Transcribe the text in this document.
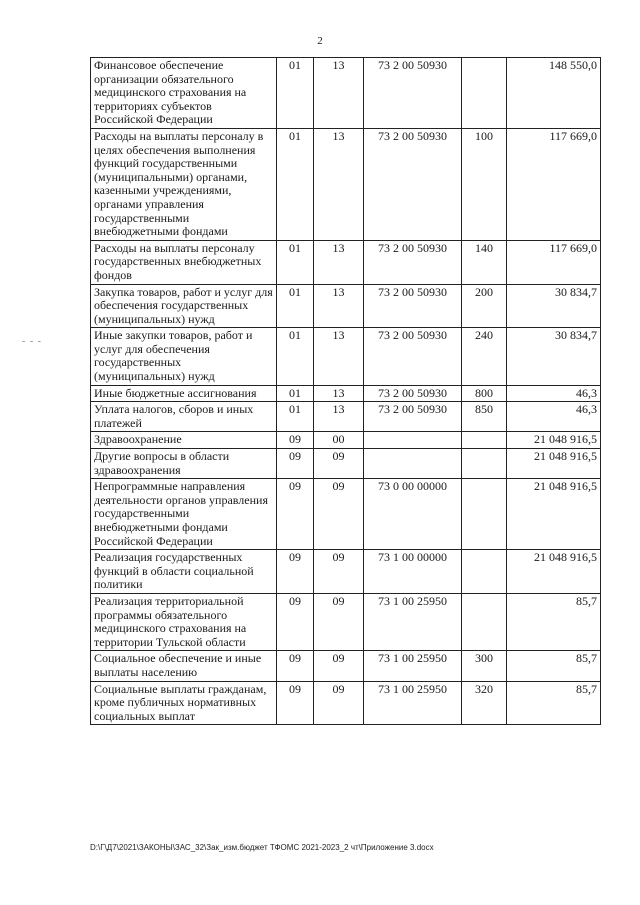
2
- - -
Финансовое обеспечение организации обязательного медицинского страхования на территориях субъектов Российской Федерации	01	13	73 2 00 50930		148 550,0
Расходы на выплаты персоналу в целях обеспечения выполнения функций государственными (муниципальными) органами, казенными учреждениями, органами управления государственными внебюджетными фондами	01	13	73 2 00 50930	100	117 669,0
Расходы на выплаты персоналу государственных внебюджетных фондов	01	13	73 2 00 50930	140	117 669,0
Закупка товаров, работ и услуг для обеспечения государственных (муниципальных) нужд	01	13	73 2 00 50930	200	30 834,7
Иные закупки товаров, работ и услуг для обеспечения государственных (муниципальных) нужд	01	13	73 2 00 50930	240	30 834,7
Иные бюджетные ассигнования	01	13	73 2 00 50930	800	46,3
Уплата налогов, сборов и иных платежей	01	13	73 2 00 50930	850	46,3
Здравоохранение	09	00			21 048 916,5
Другие вопросы в области здравоохранения	09	09			21 048 916,5
Непрограммные направления деятельности органов управления государственными внебюджетными фондами Российской Федерации	09	09	73 0 00 00000		21 048 916,5
Реализация государственных функций в области социальной политики	09	09	73 1 00 00000		21 048 916,5
Реализация территориальной программы обязательного медицинского страхования на территории Тульской области	09	09	73 1 00 25950		85,7
Социальное обеспечение и иные выплаты населению	09	09	73 1 00 25950	300	85,7
Социальные выплаты гражданам, кроме публичных нормативных социальных выплат	09	09	73 1 00 25950	320	85,7
D:\Г\Д7\2021\ЗАКОНЫ\ЗАС_32\Зак_изм.бюджет ТФОМС 2021-2023_2 чт\Приложение 3.docx
